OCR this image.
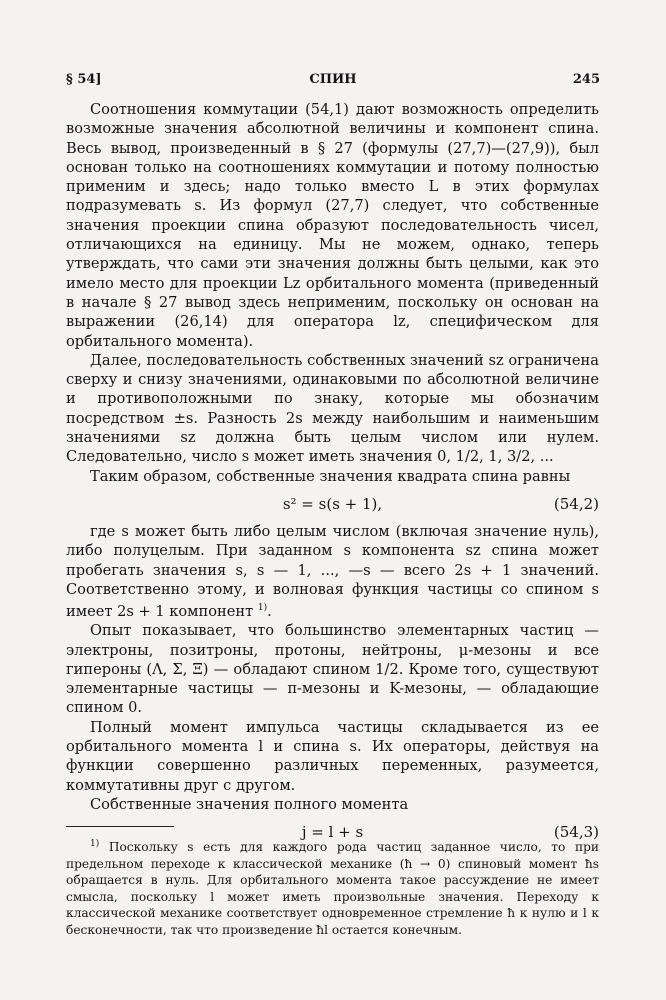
§ 54]	СПИН	245

Соотношения коммутации (54,1) дают возможность определить возможные значения абсолютной величины и компонент спина. Весь вывод, произведенный в § 27 (формулы (27,7)—(27,9)), был основан только на соотношениях коммутации и потому полностью применим и здесь; надо только вместо L в этих формулах подразумевать s. Из формул (27,7) следует, что собственные значения проекции спина образуют последовательность чисел, отличающихся на единицу. Мы не можем, однако, теперь утверждать, что сами эти значения должны быть целыми, как это имело место для проекции Lz орбитального момента (приведенный в начале § 27 вывод здесь неприменим, поскольку он основан на выражении (26,14) для оператора lz, специфическом для орбитального момента).

Далее, последовательность собственных значений sz ограничена сверху и снизу значениями, одинаковыми по абсолютной величине и противоположными по знаку, которые мы обозначим посредством ±s. Разность 2s между наибольшим и наименьшим значениями sz должна быть целым числом или нулем. Следовательно, число s может иметь значения 0, 1/2, 1, 3/2, ...

Таким образом, собственные значения квадрата спина равны

s² = s(s + 1),	(54,2)

где s может быть либо целым числом (включая значение нуль), либо полуцелым. При заданном s компонента sz спина может пробегать значения s, s — 1, ..., —s — всего 2s + 1 значений. Соответственно этому, и волновая функция частицы со спином s имеет 2s + 1 компонент $^{1)}$.

Опыт показывает, что большинство элементарных частиц — электроны, позитроны, протоны, нейтроны, μ-мезоны и все гипероны (Λ, Σ, Ξ) — обладают спином 1/2. Кроме того, существуют элементарные частицы — π-мезоны и K-мезоны, — обладающие спином 0.

Полный момент импульса частицы складывается из ее орбитального момента l и спина s. Их операторы, действуя на функции совершенно различных переменных, разумеется, коммутативны друг с другом.

Собственные значения полного момента

j = l + s	(54,3)
$^{1)}$ Поскольку s есть для каждого рода частиц заданное число, то при предельном переходе к классической механике (ħ → 0) спиновый момент ħs обращается в нуль. Для орбитального момента такое рассуждение не имеет смысла, поскольку l может иметь произвольные значения. Переходу к классической механике соответствует одновременное стремление ħ к нулю и l к бесконечности, так что произведение ħl остается конечным.
